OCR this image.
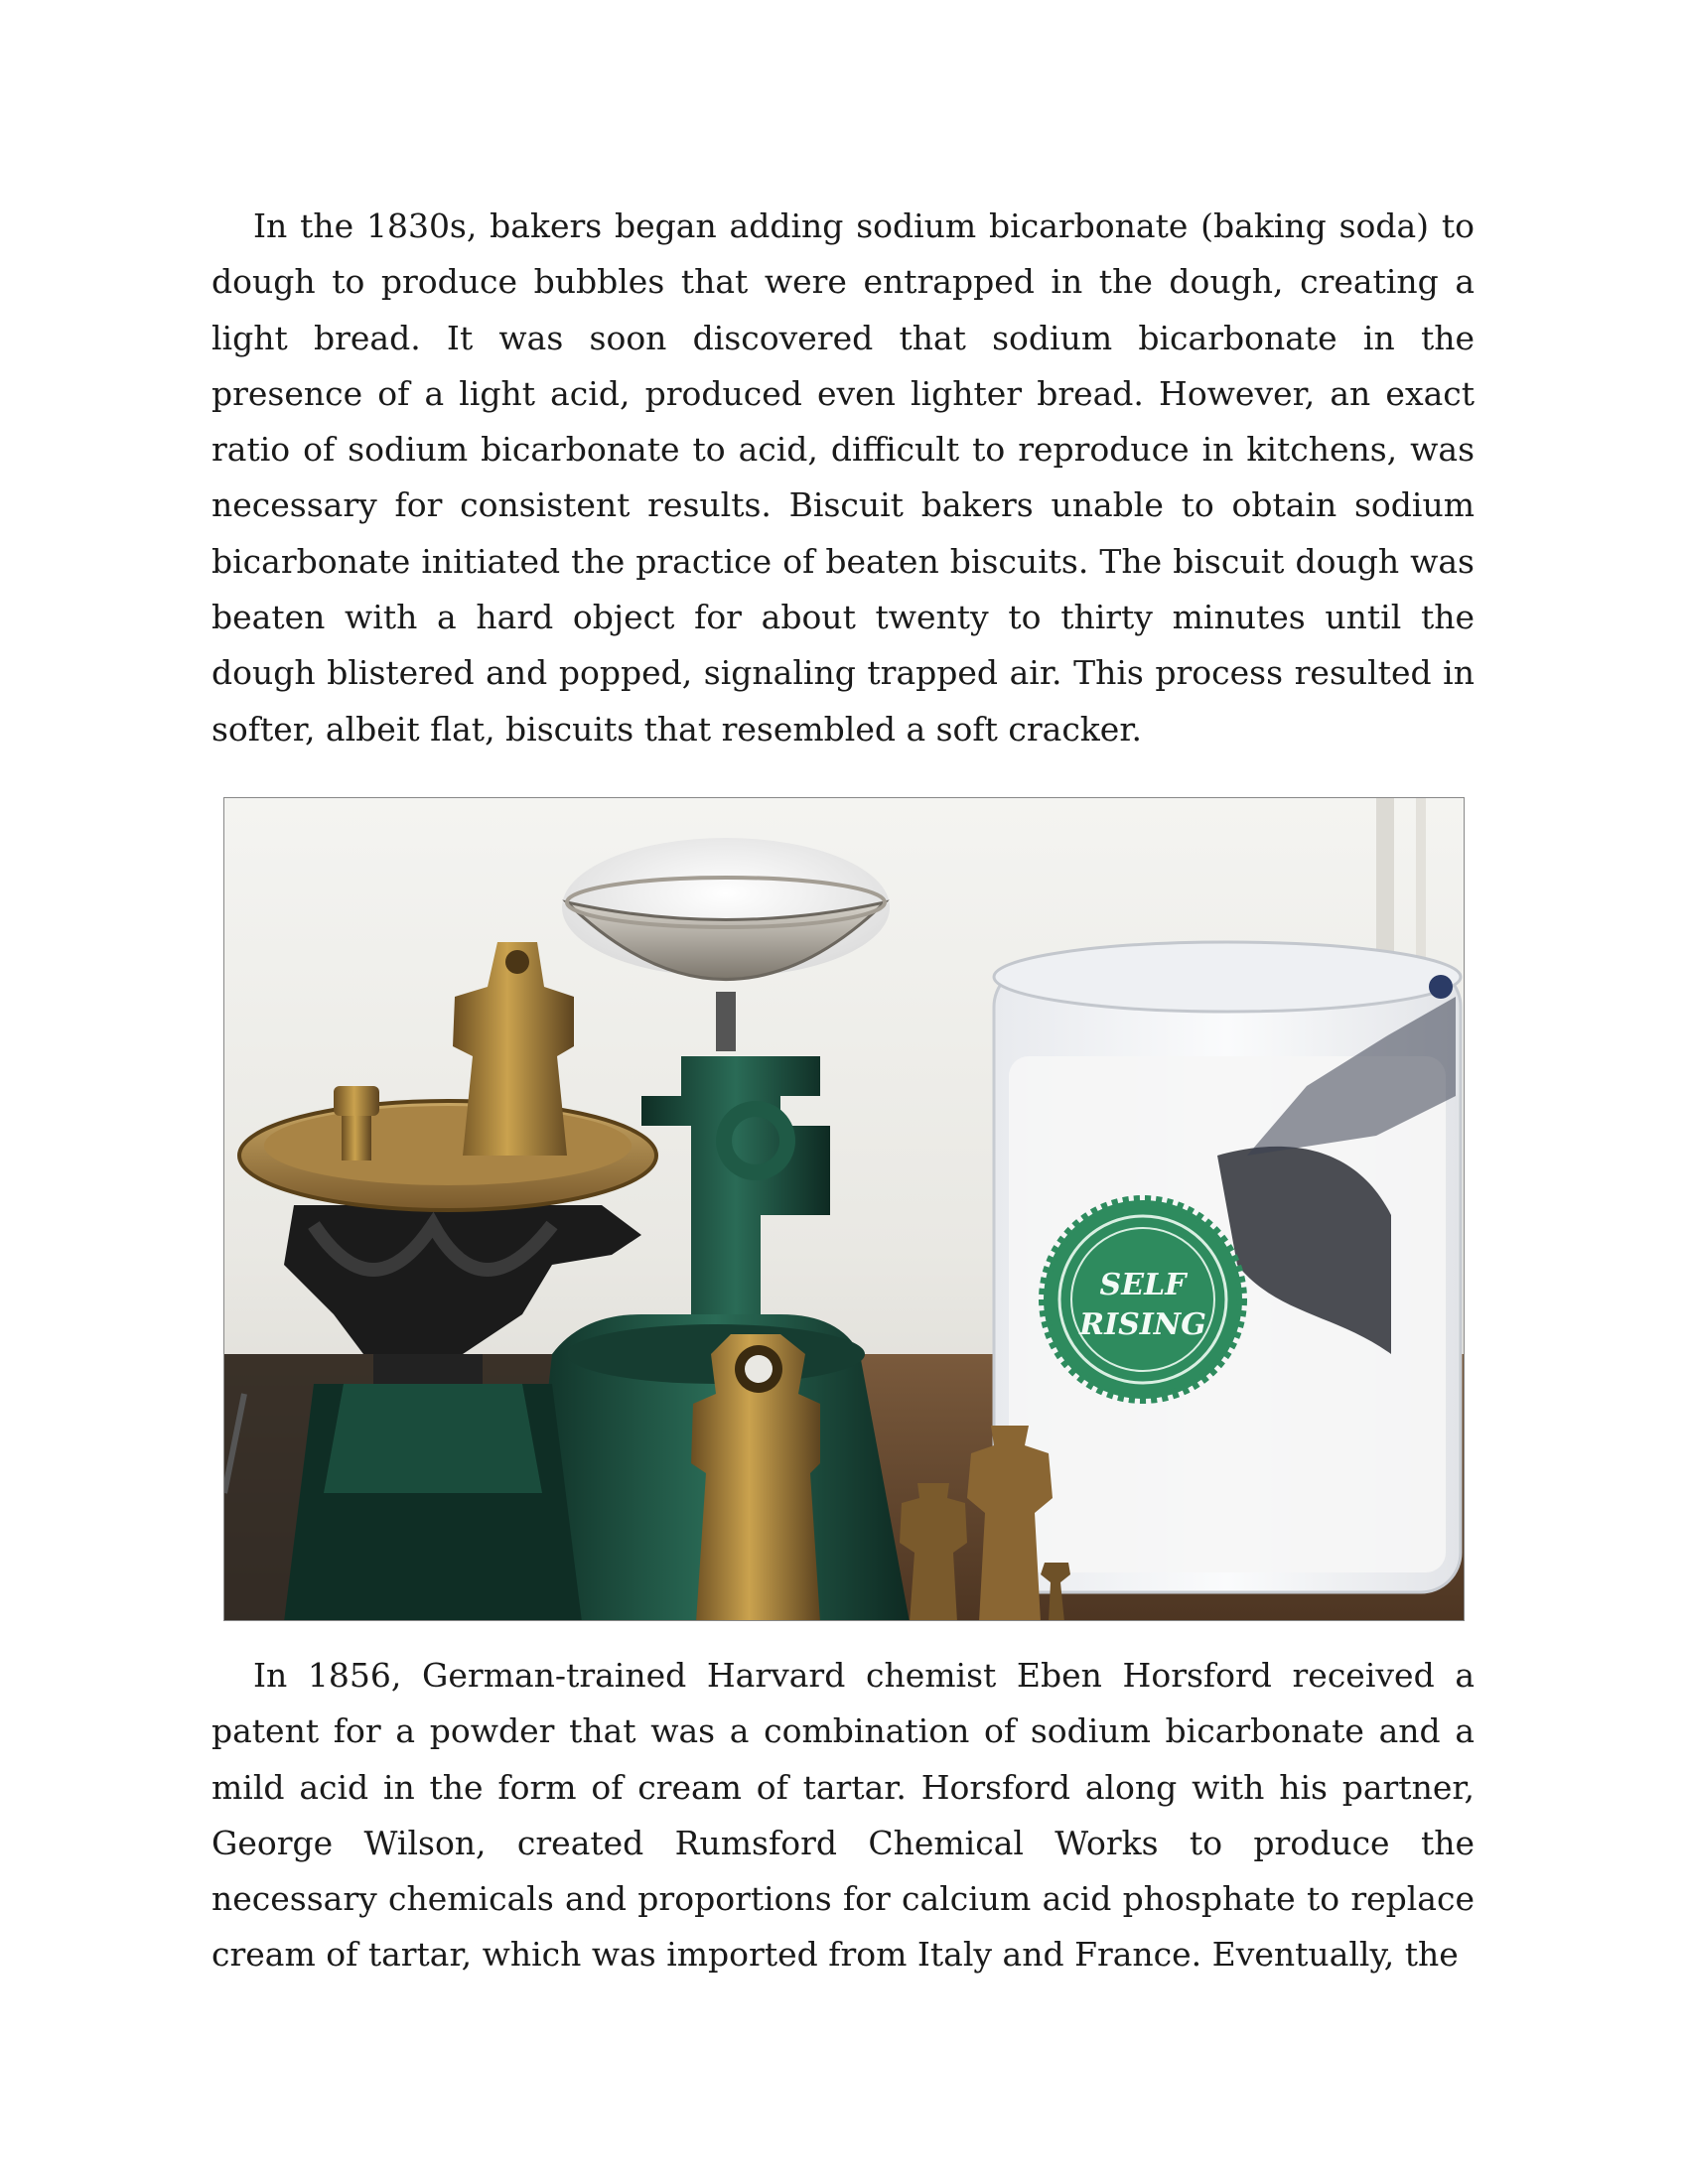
In the 1830s, bakers began adding sodium bicarbonate (baking soda) to dough to produce bubbles that were entrapped in the dough, creating a light bread. It was soon discovered that sodium bicarbonate in the presence of a light acid, produced even lighter bread. However, an exact ratio of sodium bicarbonate to acid, difficult to reproduce in kitchens, was necessary for consistent results. Biscuit bakers unable to obtain sodium bicarbonate initiated the practice of beaten biscuits. The biscuit dough was beaten with a hard object for about twenty to thirty minutes until the dough blistered and popped, signaling trapped air. This process resulted in softer, albeit flat, biscuits that resembled a soft cracker.

SELF
RISING

In 1856, German-trained Harvard chemist Eben Horsford received a patent for a powder that was a combination of sodium bicarbonate and a mild acid in the form of cream of tartar. Horsford along with his partner, George Wilson, created Rumsford Chemical Works to produce the necessary chemicals and proportions for calcium acid phosphate to replace cream of tartar, which was imported from Italy and France. Eventually, the
